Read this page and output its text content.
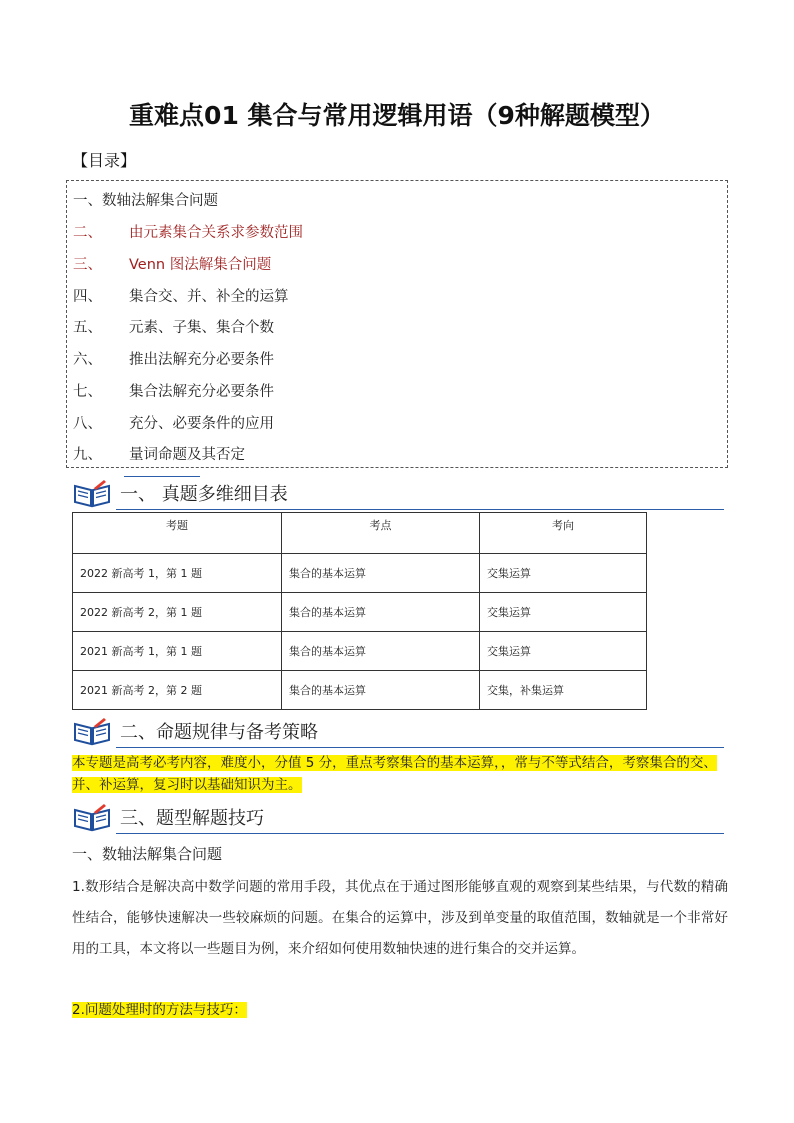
重难点01 集合与常用逻辑用语（9种解题模型）
【目录】
一、数轴法解集合问题
二、 由元素集合关系求参数范围
三、 Venn 图法解集合问题
四、 集合交、并、补全的运算
五、 元素、子集、集合个数
六、 推出法解充分必要条件
七、 集合法解充分必要条件
八、 充分、必要条件的应用
九、 量词命题及其否定
一、 真题多维细目表
考题	考点	考向
2022 新高考 1，第 1 题	集合的基本运算	交集运算
2022 新高考 2，第 1 题	集合的基本运算	交集运算
2021 新高考 1，第 1 题	集合的基本运算	交集运算
2021 新高考 2，第 2 题	集合的基本运算	交集，补集运算
二、命题规律与备考策略
本专题是高考必考内容，难度小，分值 5 分，重点考察集合的基本运算，，常与不等式结合，考察集合的交、并、补运算，复习时以基础知识为主。
三、题型解题技巧
一、数轴法解集合问题
1.数形结合是解决高中数学问题的常用手段，其优点在于通过图形能够直观的观察到某些结果，与代数的精确性结合，能够快速解决一些较麻烦的问题。在集合的运算中，涉及到单变量的取值范围，数轴就是一个非常好用的工具，本文将以一些题目为例，来介绍如何使用数轴快速的进行集合的交并运算。
2.问题处理时的方法与技巧：
